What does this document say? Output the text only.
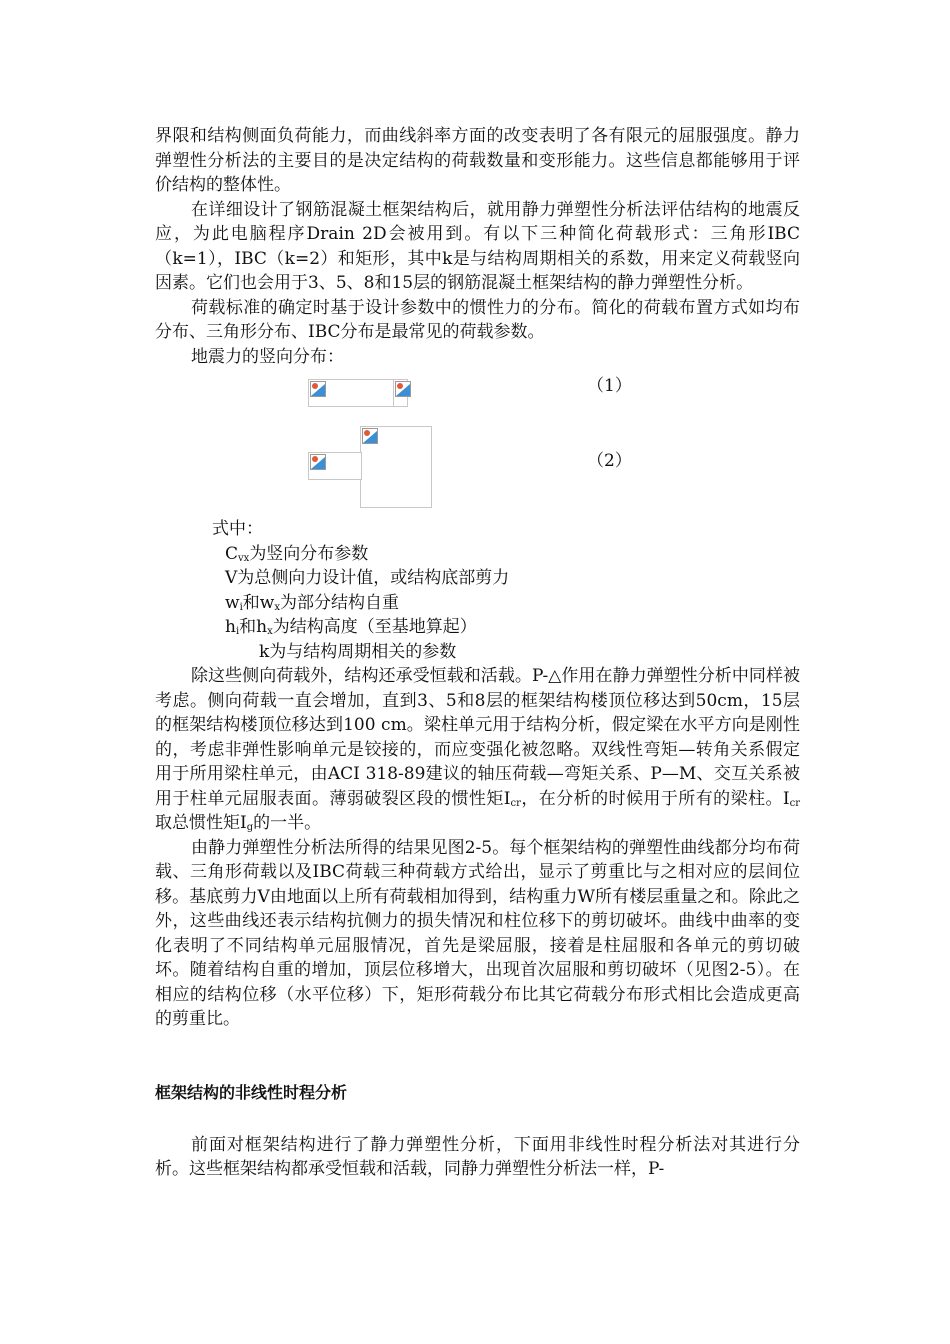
界限和结构侧面负荷能力，而曲线斜率方面的改变表明了各有限元的屈服强度。静力弹塑性分析法的主要目的是决定结构的荷载数量和变形能力。这些信息都能够用于评价结构的整体性。

在详细设计了钢筋混凝土框架结构后，就用静力弹塑性分析法评估结构的地震反应，为此电脑程序Drain 2D会被用到。有以下三种简化荷载形式：三角形IBC（k=1），IBC（k=2）和矩形，其中k是与结构周期相关的系数，用来定义荷载竖向因素。它们也会用于3、5、8和15层的钢筋混凝土框架结构的静力弹塑性分析。

荷载标准的确定时基于设计参数中的惯性力的分布。简化的荷载布置方式如均布分布、三角形分布、IBC分布是最常见的荷载参数。

地震力的竖向分布：

（1）
（2）
式中：
$C_{vx}$为竖向分布参数
V为总侧向力设计值，或结构底部剪力
$w_i$和$w_x$为部分结构自重
$h_i$和$h_x$为结构高度（至基地算起）
k为与结构周期相关的参数

除这些侧向荷载外，结构还承受恒载和活载。P-△作用在静力弹塑性分析中同样被考虑。侧向荷载一直会增加，直到3、5和8层的框架结构楼顶位移达到50cm，15层的框架结构楼顶位移达到100 cm。梁柱单元用于结构分析，假定梁在水平方向是刚性的，考虑非弹性影响单元是铰接的，而应变强化被忽略。双线性弯矩—转角关系假定用于所用梁柱单元，由ACI 318-89建议的轴压荷载—弯矩关系、P—M、交互关系被用于柱单元屈服表面。薄弱破裂区段的惯性矩$I_{cr}$，在分析的时候用于所有的梁柱。$I_{cr}$取总惯性矩$I_g$的一半。

由静力弹塑性分析法所得的结果见图2-5。每个框架结构的弹塑性曲线都分均布荷载、三角形荷载以及IBC荷载三种荷载方式给出，显示了剪重比与之相对应的层间位移。基底剪力V由地面以上所有荷载相加得到，结构重力W所有楼层重量之和。除此之外，这些曲线还表示结构抗侧力的损失情况和柱位移下的剪切破坏。曲线中曲率的变化表明了不同结构单元屈服情况，首先是梁屈服，接着是柱屈服和各单元的剪切破坏。随着结构自重的增加，顶层位移增大，出现首次屈服和剪切破坏（见图2-5）。在相应的结构位移（水平位移）下，矩形荷载分布比其它荷载分布形式相比会造成更高的剪重比。

框架结构的非线性时程分析

前面对框架结构进行了静力弹塑性分析，下面用非线性时程分析法对其进行分析。这些框架结构都承受恒载和活载，同静力弹塑性分析法一样，P-
